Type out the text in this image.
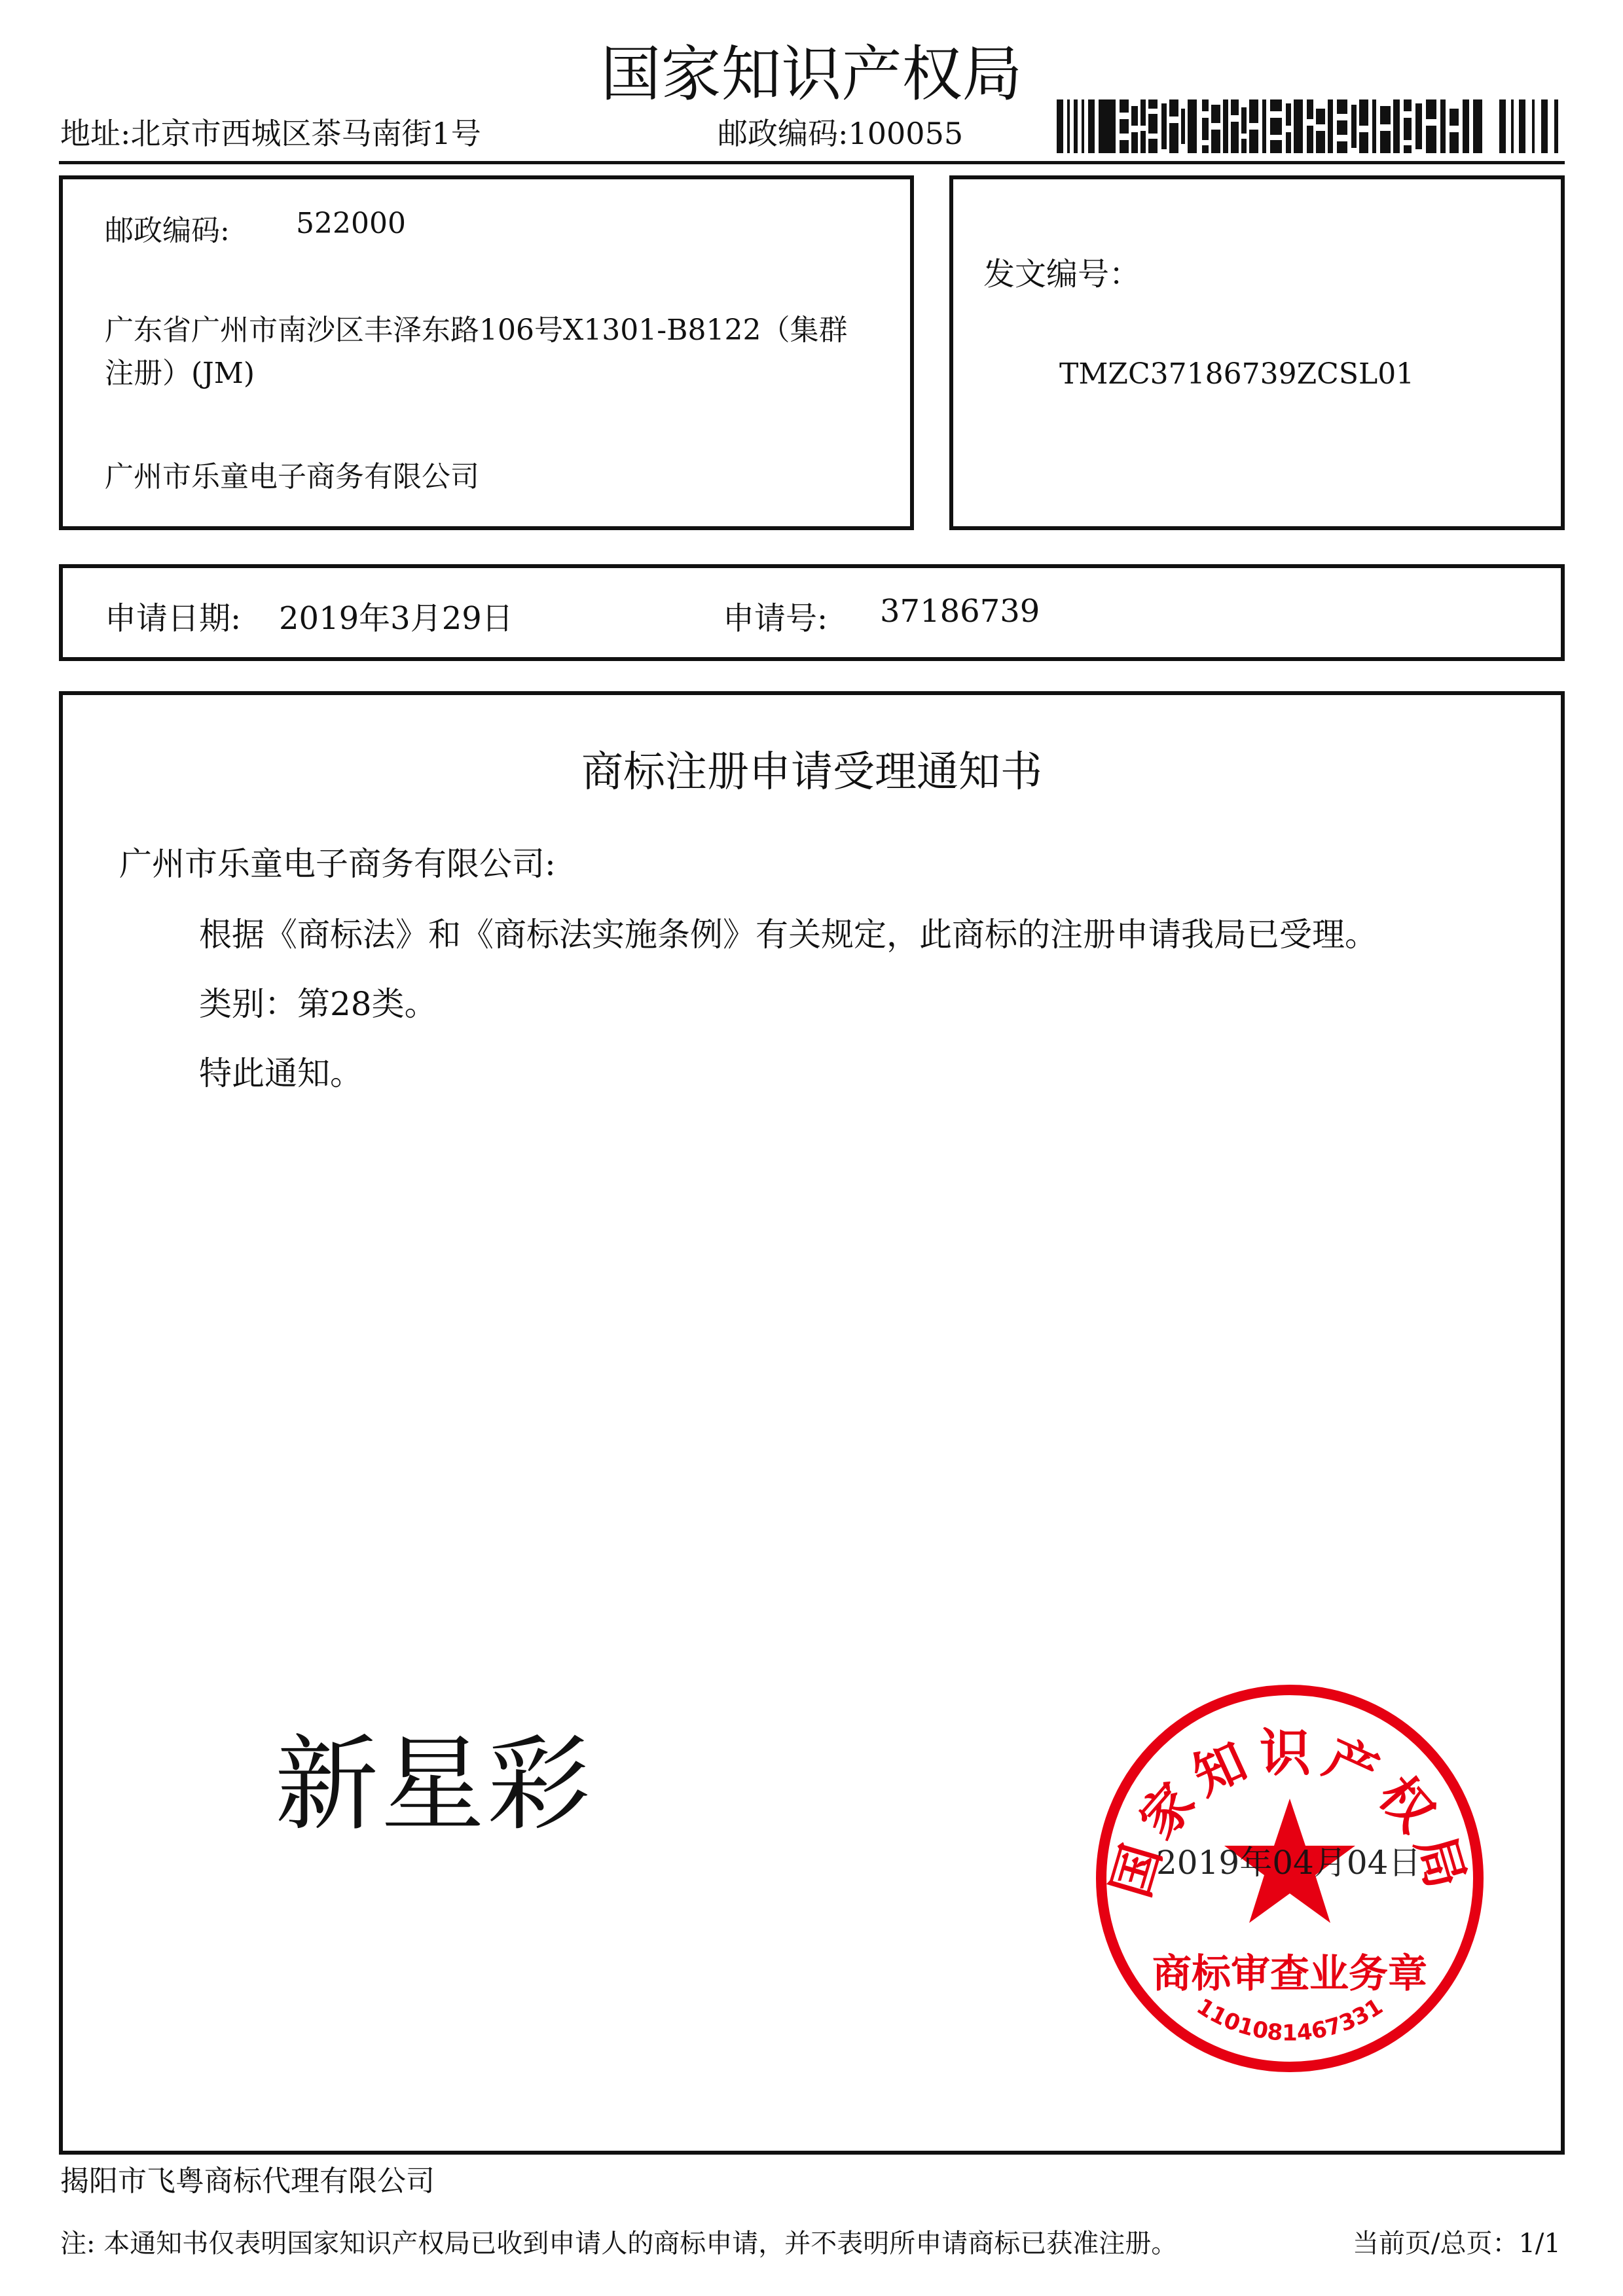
国家知识产权局
地址:北京市西城区茶马南街1号	邮政编码:100055
邮政编码: 522000
广东省广州市南沙区丰泽东路106号X1301-B8122（集群
注册）(JM)
广州市乐童电子商务有限公司
发文编号：
TMZC37186739ZCSL01
申请日期: 2019年3月29日	申请号: 37186739
商标注册申请受理通知书
广州市乐童电子商务有限公司:
根据《商标法》和《商标法实施条例》有关规定，此商标的注册申请我局已受理。
类别：第28类。
特此通知。
新星彩
国家知识产权局
商标审查业务章
1101081467331
2019年04月04日
揭阳市飞粤商标代理有限公司
注: 本通知书仅表明国家知识产权局已收到申请人的商标申请，并不表明所申请商标已获准注册。	当前页/总页：1/1
